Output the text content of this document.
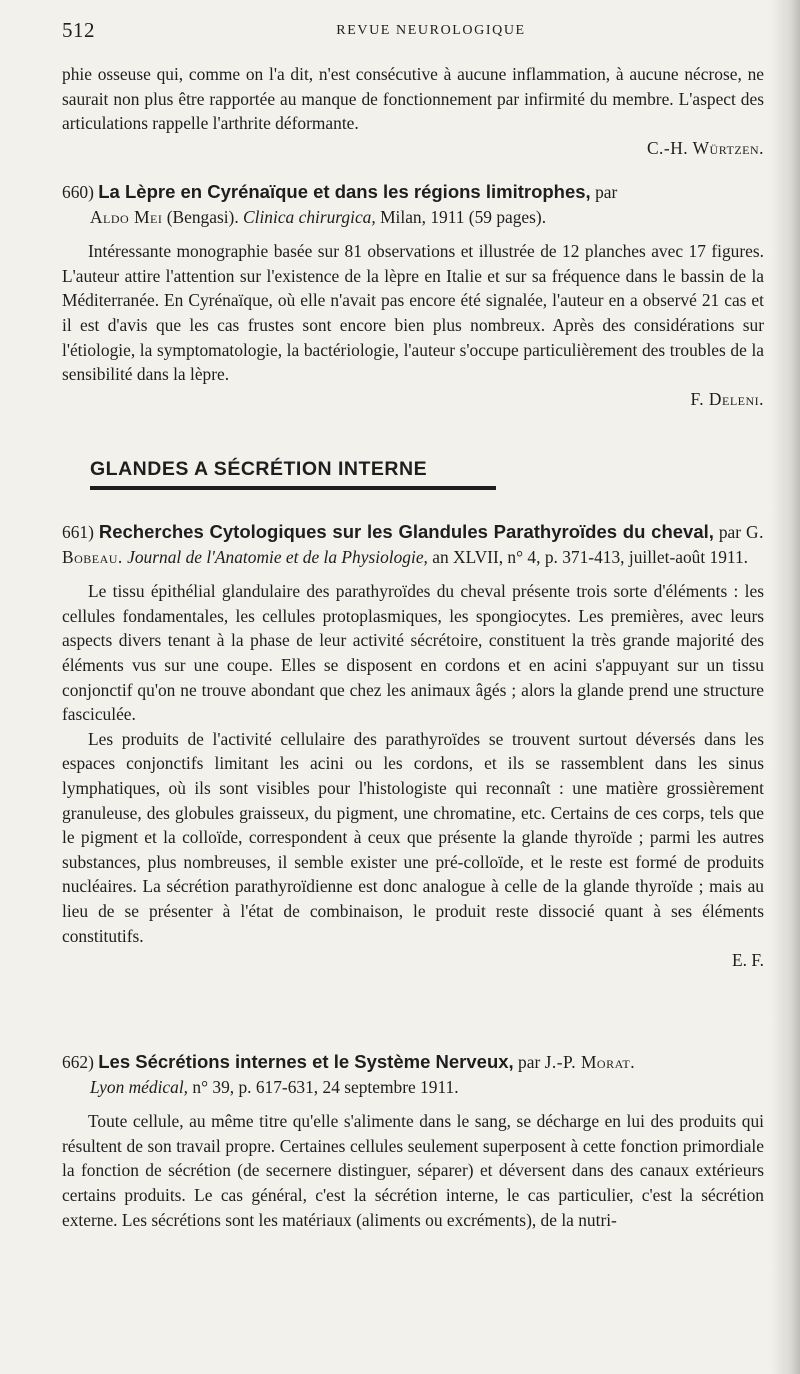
512	REVUE NEUROLOGIQUE

phie osseuse qui, comme on l'a dit, n'est consécutive à aucune inflammation, à aucune nécrose, ne saurait non plus être rapportée au manque de fonctionnement par infirmité du membre. L'aspect des articulations rappelle l'arthrite déformante.

C.-H. Würtzen.

660) La Lèpre en Cyrénaïque et dans les régions limitrophes, par
Aldo Mei (Bengasi). Clinica chirurgica, Milan, 1911 (59 pages).

Intéressante monographie basée sur 81 observations et illustrée de 12 planches avec 17 figures. L'auteur attire l'attention sur l'existence de la lèpre en Italie et sur sa fréquence dans le bassin de la Méditerranée. En Cyrénaïque, où elle n'avait pas encore été signalée, l'auteur en a observé 21 cas et il est d'avis que les cas frustes sont encore bien plus nombreux. Après des considérations sur l'étiologie, la symptomatologie, la bactériologie, l'auteur s'occupe particulièrement des troubles de la sensibilité dans la lèpre.

F. Deleni.

GLANDES A SÉCRÉTION INTERNE

661) Recherches Cytologiques sur les Glandules Parathyroïdes du cheval, par G. Bobeau. Journal de l'Anatomie et de la Physiologie, an XLVII, n° 4, p. 371-413, juillet-août 1911.

Le tissu épithélial glandulaire des parathyroïdes du cheval présente trois sorte d'éléments : les cellules fondamentales, les cellules protoplasmiques, les spongiocytes. Les premières, avec leurs aspects divers tenant à la phase de leur activité sécrétoire, constituent la très grande majorité des éléments vus sur une coupe. Elles se disposent en cordons et en acini s'appuyant sur un tissu conjonctif qu'on ne trouve abondant que chez les animaux âgés ; alors la glande prend une structure fasciculée.

Les produits de l'activité cellulaire des parathyroïdes se trouvent surtout déversés dans les espaces conjonctifs limitant les acini ou les cordons, et ils se rassemblent dans les sinus lymphatiques, où ils sont visibles pour l'histologiste qui reconnaît : une matière grossièrement granuleuse, des globules graisseux, du pigment, une chromatine, etc. Certains de ces corps, tels que le pigment et la colloïde, correspondent à ceux que présente la glande thyroïde ; parmi les autres substances, plus nombreuses, il semble exister une pré-colloïde, et le reste est formé de produits nucléaires. La sécrétion parathyroïdienne est donc analogue à celle de la glande thyroïde ; mais au lieu de se présenter à l'état de combinaison, le produit reste dissocié quant à ses éléments constitutifs.

E. F.

662) Les Sécrétions internes et le Système Nerveux, par J.-P. Morat.
Lyon médical, n° 39, p. 617-631, 24 septembre 1911.

Toute cellule, au même titre qu'elle s'alimente dans le sang, se décharge en lui des produits qui résultent de son travail propre. Certaines cellules seulement superposent à cette fonction primordiale la fonction de sécrétion (de secernere distinguer, séparer) et déversent dans des canaux extérieurs certains produits. Le cas général, c'est la sécrétion interne, le cas particulier, c'est la sécrétion externe. Les sécrétions sont les matériaux (aliments ou excréments), de la nutri-
